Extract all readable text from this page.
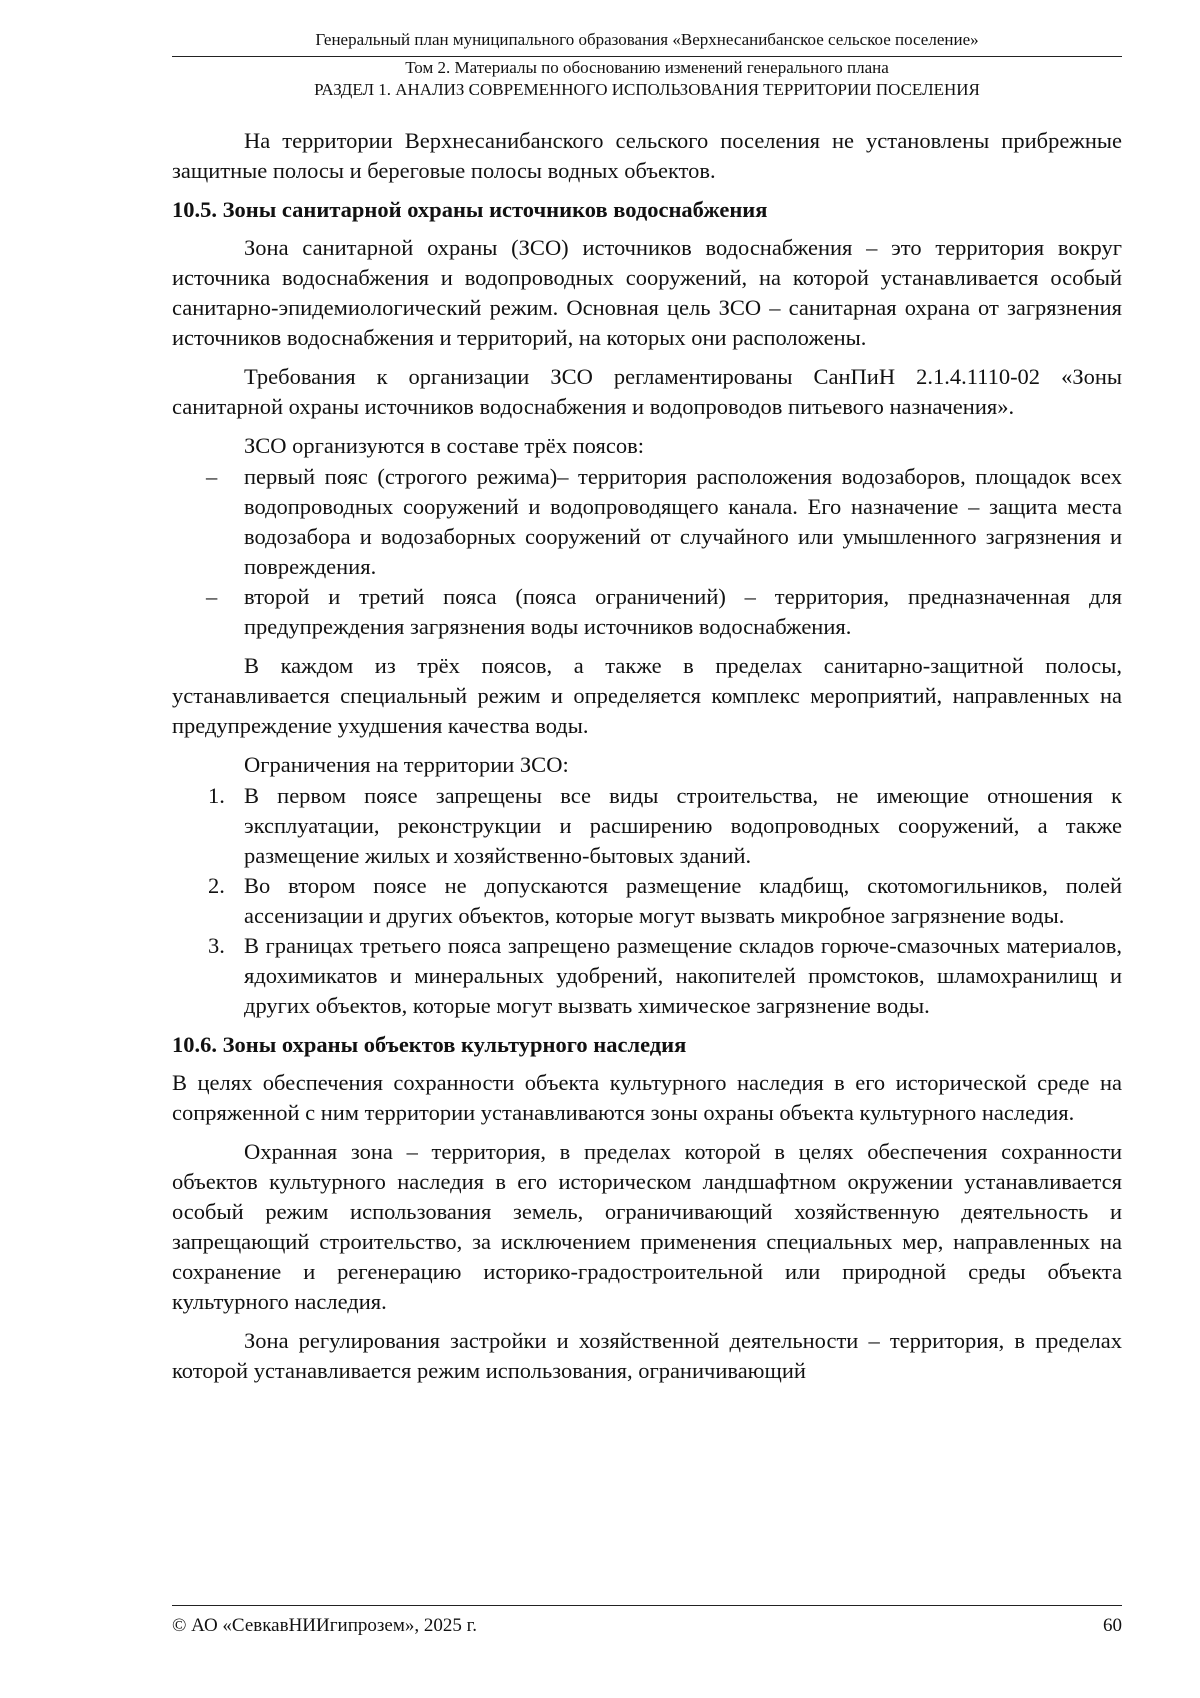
Генеральный план муниципального образования «Верхнесанибанское сельское поселение»
Том 2. Материалы по обоснованию изменений генерального плана
РАЗДЕЛ 1. АНАЛИЗ СОВРЕМЕННОГО ИСПОЛЬЗОВАНИЯ ТЕРРИТОРИИ ПОСЕЛЕНИЯ

На территории Верхнесанибанского сельского поселения не установлены прибрежные защитные полосы и береговые полосы водных объектов.

10.5. Зоны санитарной охраны источников водоснабжения

Зона санитарной охраны (ЗСО) источников водоснабжения – это территория вокруг источника водоснабжения и водопроводных сооружений, на которой устанавливается особый санитарно-эпидемиологический режим. Основная цель ЗСО – санитарная охрана от загрязнения источников водоснабжения и территорий, на которых они расположены.

Требования к организации ЗСО регламентированы СанПиН 2.1.4.1110-02 «Зоны санитарной охраны источников водоснабжения и водопроводов питьевого назначения».

ЗСО организуются в составе трёх поясов:

– первый пояс (строгого режима)– территория расположения водозаборов, площадок всех водопроводных сооружений и водопроводящего канала. Его назначение – защита места водозабора и водозаборных сооружений от случайного или умышленного загрязнения и повреждения.
– второй и третий пояса (пояса ограничений) – территория, предназначенная для предупреждения загрязнения воды источников водоснабжения.

В каждом из трёх поясов, а также в пределах санитарно-защитной полосы, устанавливается специальный режим и определяется комплекс мероприятий, направленных на предупреждение ухудшения качества воды.

Ограничения на территории ЗСО:

1. В первом поясе запрещены все виды строительства, не имеющие отношения к эксплуатации, реконструкции и расширению водопроводных сооружений, а также размещение жилых и хозяйственно-бытовых зданий.
2. Во втором поясе не допускаются размещение кладбищ, скотомогильников, полей ассенизации и других объектов, которые могут вызвать микробное загрязнение воды.
3. В границах третьего пояса запрещено размещение складов горюче-смазочных материалов, ядохимикатов и минеральных удобрений, накопителей промстоков, шламохранилищ и других объектов, которые могут вызвать химическое загрязнение воды.
10.6. Зоны охраны объектов культурного наследия

В целях обеспечения сохранности объекта культурного наследия в его исторической среде на сопряженной с ним территории устанавливаются зоны охраны объекта культурного наследия.

Охранная зона – территория, в пределах которой в целях обеспечения сохранности объектов культурного наследия в его историческом ландшафтном окружении устанавливается особый режим использования земель, ограничивающий хозяйственную деятельность и запрещающий строительство, за исключением применения специальных мер, направленных на сохранение и регенерацию историко-градостроительной или природной среды объекта культурного наследия.

Зона регулирования застройки и хозяйственной деятельности – территория, в пределах которой устанавливается режим использования, ограничивающий

© АО «СевкавНИИгипрозем», 2025 г.	60
